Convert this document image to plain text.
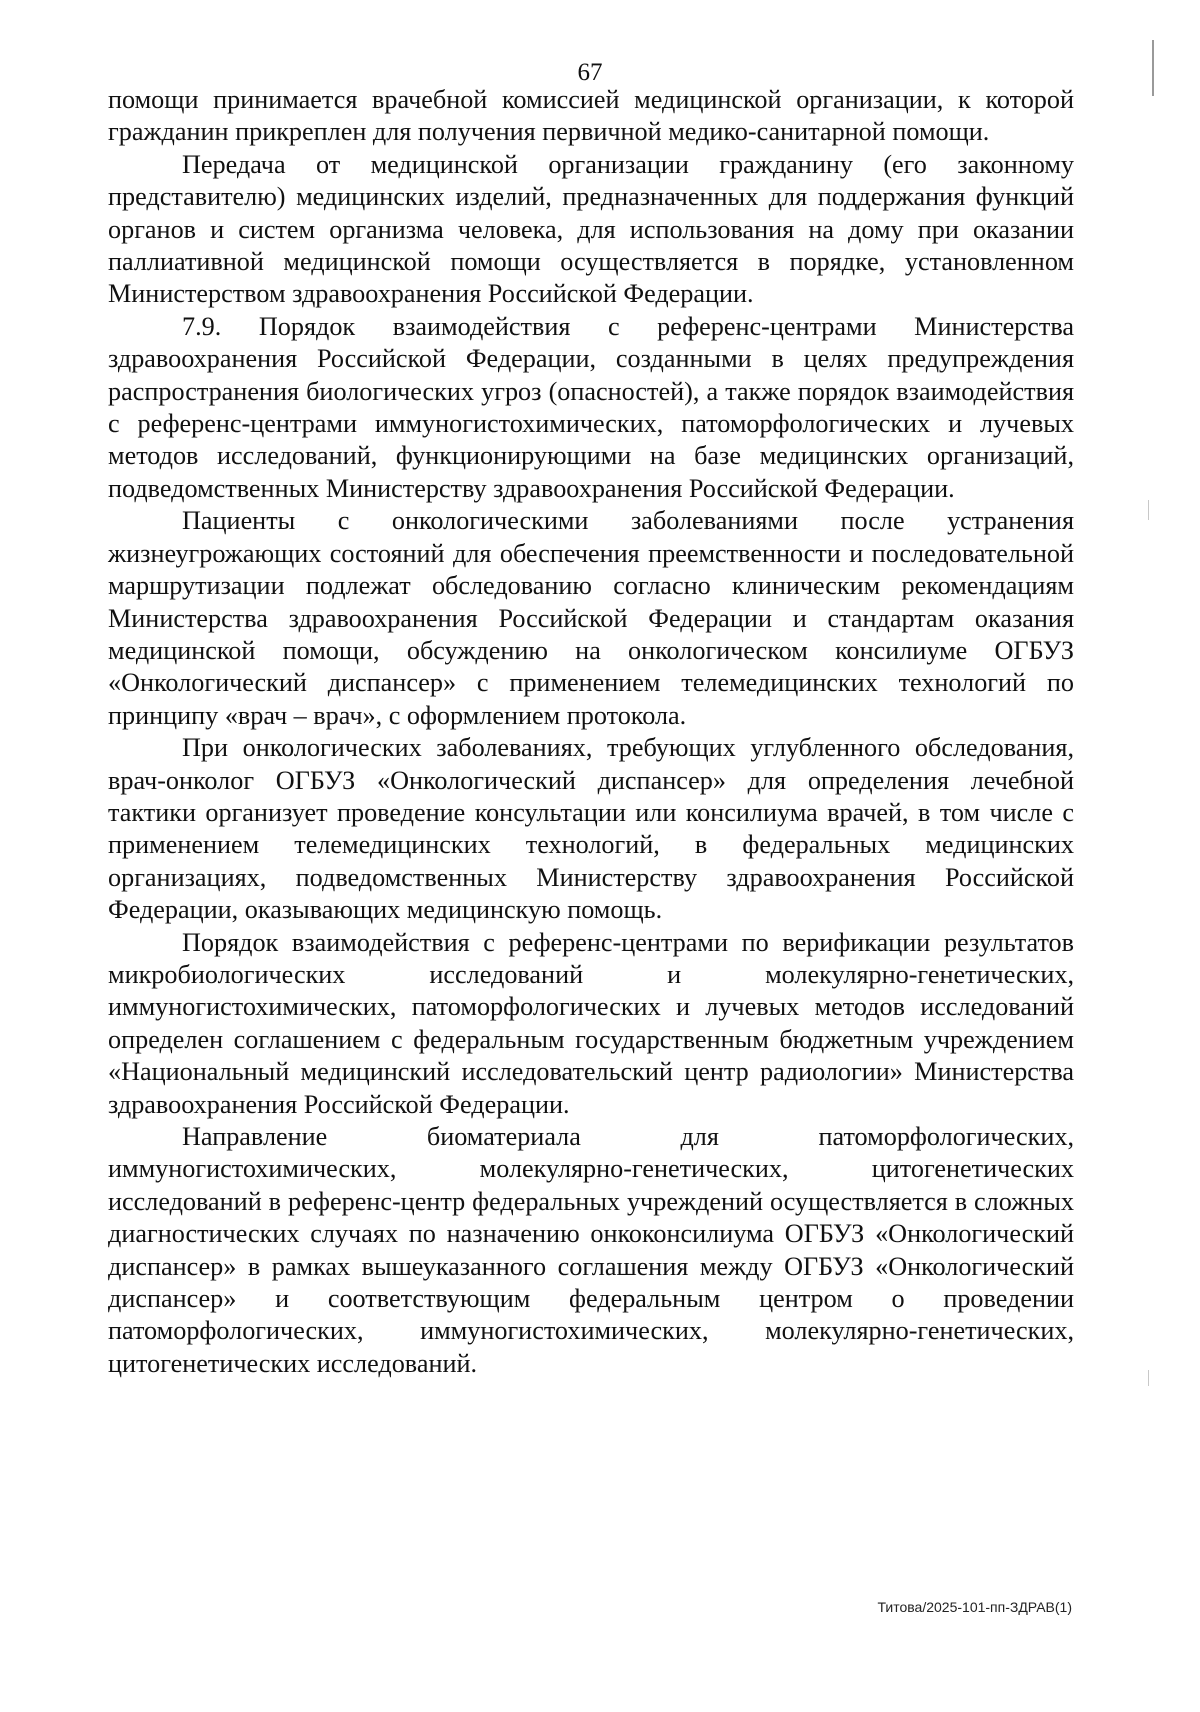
67

помощи принимается врачебной комиссией медицинской организации, к которой гражданин прикреплен для получения первичной медико-санитарной помощи.

Передача от медицинской организации гражданину (его законному представителю) медицинских изделий, предназначенных для поддержания функций органов и систем организма человека, для использования на дому при оказании паллиативной медицинской помощи осуществляется в порядке, установленном Министерством здравоохранения Российской Федерации.

7.9. Порядок взаимодействия с референс-центрами Министерства здравоохранения Российской Федерации, созданными в целях предупреждения распространения биологических угроз (опасностей), а также порядок взаимодействия с референс-центрами иммуногистохимических, патоморфологических и лучевых методов исследований, функционирующими на базе медицинских организаций, подведомственных Министерству здравоохранения Российской Федерации.

Пациенты с онкологическими заболеваниями после устранения жизнеугрожающих состояний для обеспечения преемственности и последовательной маршрутизации подлежат обследованию согласно клиническим рекомендациям Министерства здравоохранения Российской Федерации и стандартам оказания медицинской помощи, обсуждению на онкологическом консилиуме ОГБУЗ «Онкологический диспансер» с применением телемедицинских технологий по принципу «врач – врач», с оформлением протокола.

При онкологических заболеваниях, требующих углубленного обследования, врач-онколог ОГБУЗ «Онкологический диспансер» для определения лечебной тактики организует проведение консультации или консилиума врачей, в том числе с применением телемедицинских технологий, в федеральных медицинских организациях, подведомственных Министерству здравоохранения Российской Федерации, оказывающих медицинскую помощь.

Порядок взаимодействия с референс-центрами по верификации результатов микробиологических исследований и молекулярно-генетических, иммуногистохимических, патоморфологических и лучевых методов исследований определен соглашением с федеральным государственным бюджетным учреждением «Национальный медицинский исследовательский центр радиологии» Министерства здравоохранения Российской Федерации.

Направление биоматериала для патоморфологических, иммуногистохимических, молекулярно-генетических, цитогенетических исследований в референс-центр федеральных учреждений осуществляется в сложных диагностических случаях по назначению онкоконсилиума ОГБУЗ «Онкологический диспансер» в рамках вышеуказанного соглашения между ОГБУЗ «Онкологический диспансер» и соответствующим федеральным центром о проведении патоморфологических, иммуногистохимических, молекулярно-генетических, цитогенетических исследований.

Титова/2025-101-пп-ЗДРАВ(1)
